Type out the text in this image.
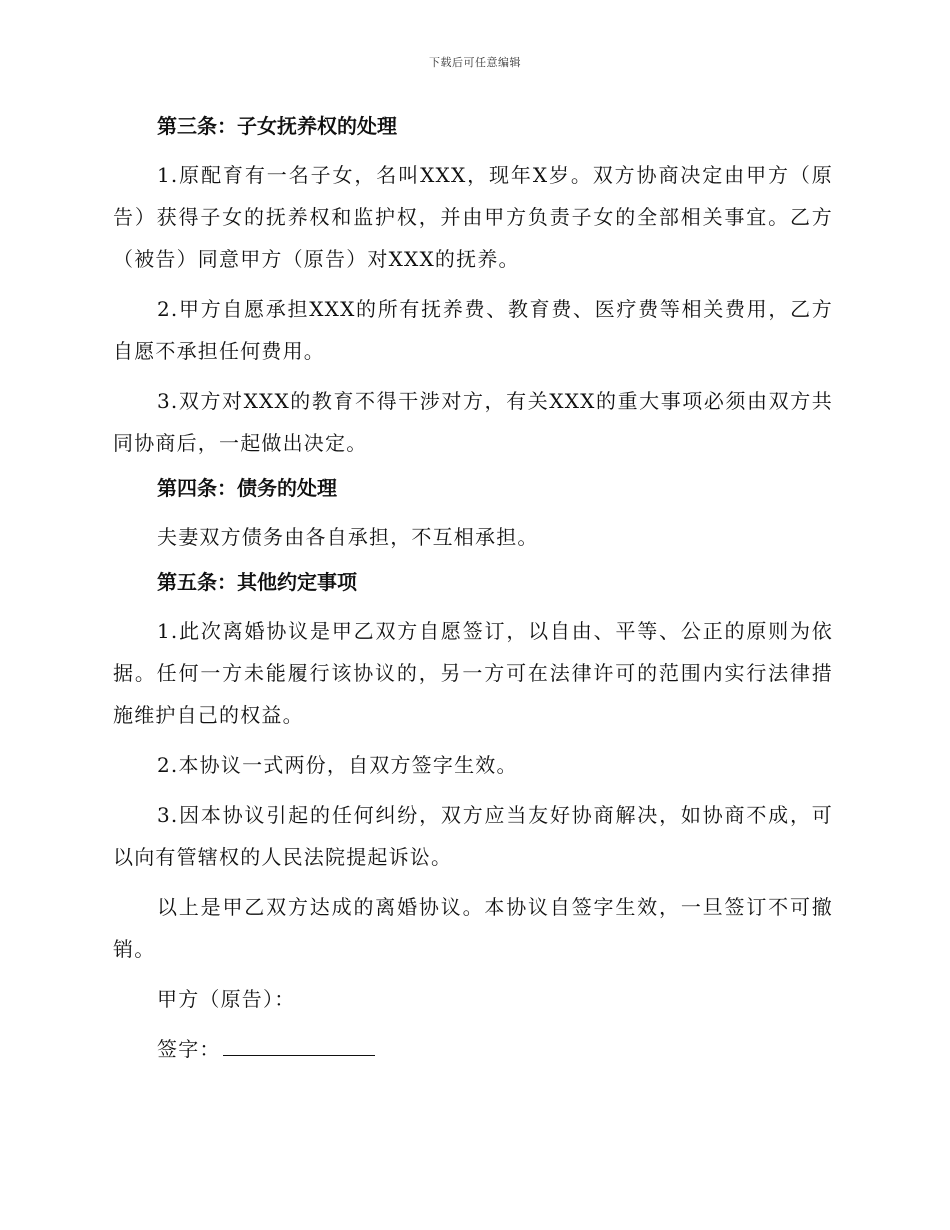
下载后可任意编辑
第三条：子女抚养权的处理

1.原配育有一名子女，名叫XXX，现年X岁。双方协商决定由甲方（原告）获得子女的抚养权和监护权，并由甲方负责子女的全部相关事宜。乙方（被告）同意甲方（原告）对XXX的抚养。

2.甲方自愿承担XXX的所有抚养费、教育费、医疗费等相关费用，乙方自愿不承担任何费用。

3.双方对XXX的教育不得干涉对方，有关XXX的重大事项必须由双方共同协商后，一起做出决定。

第四条：债务的处理

夫妻双方债务由各自承担，不互相承担。

第五条：其他约定事项

1.此次离婚协议是甲乙双方自愿签订，以自由、平等、公正的原则为依据。任何一方未能履行该协议的，另一方可在法律许可的范围内实行法律措施维护自己的权益。

2.本协议一式两份，自双方签字生效。

3.因本协议引起的任何纠纷，双方应当友好协商解决，如协商不成，可以向有管辖权的人民法院提起诉讼。

以上是甲乙双方达成的离婚协议。本协议自签字生效，一旦签订不可撤销。

甲方（原告）：
签字：
